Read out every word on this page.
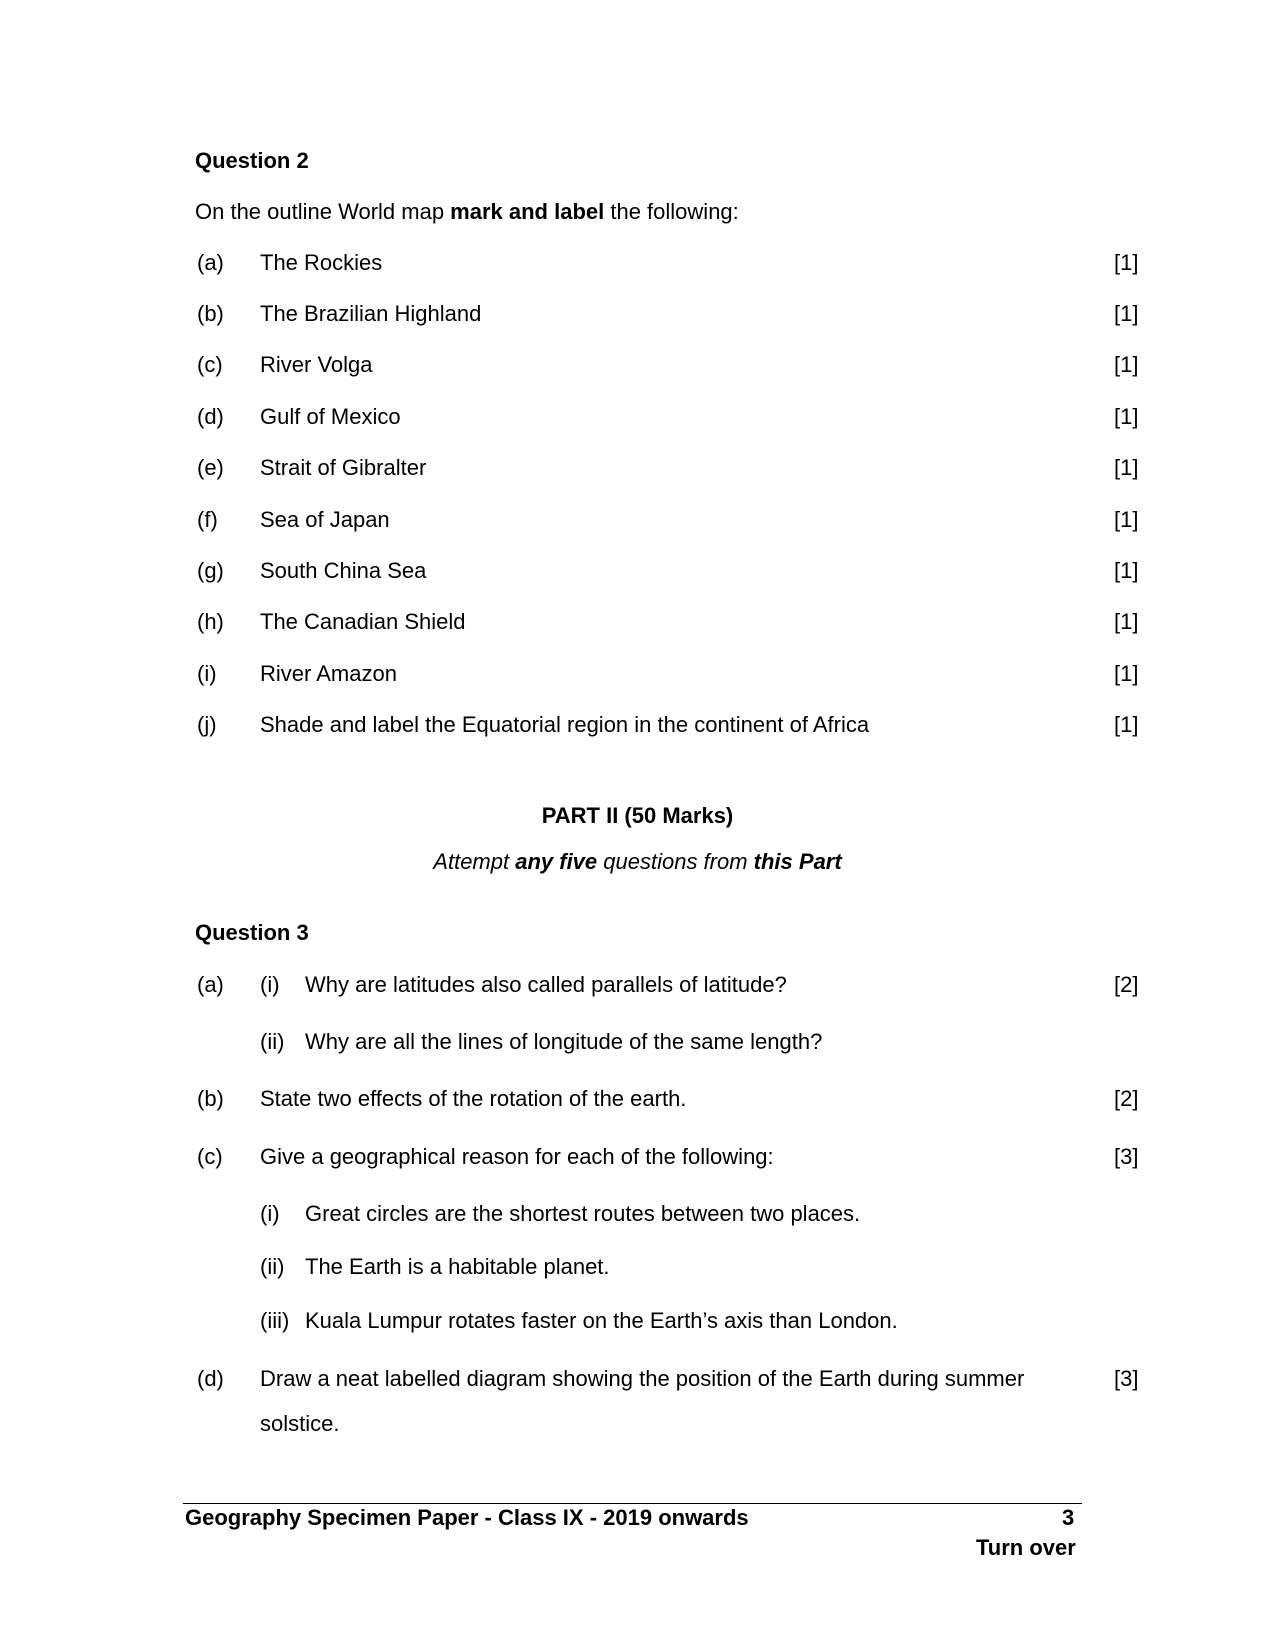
Question 2
On the outline World map mark and label the following:
(a) The Rockies	[1]
(b) The Brazilian Highland	[1]
(c) River Volga	[1]
(d) Gulf of Mexico	[1]
(e) Strait of Gibralter	[1]
(f) Sea of Japan	[1]
(g) South China Sea	[1]
(h) The Canadian Shield	[1]
(i) River Amazon	[1]
(j) Shade and label the Equatorial region in the continent of Africa	[1]
PART II (50 Marks)
Attempt any five questions from this Part
Question 3
(a) (i) Why are latitudes also called parallels of latitude?	[2]
(ii) Why are all the lines of longitude of the same length?
(b) State two effects of the rotation of the earth.	[2]
(c) Give a geographical reason for each of the following:	[3]
(i) Great circles are the shortest routes between two places.
(ii) The Earth is a habitable planet.
(iii) Kuala Lumpur rotates faster on the Earth’s axis than London.
(d) Draw a neat labelled diagram showing the position of the Earth during summer	[3]
solstice.
Geography Specimen Paper - Class IX - 2019 onwards	3
Turn over
